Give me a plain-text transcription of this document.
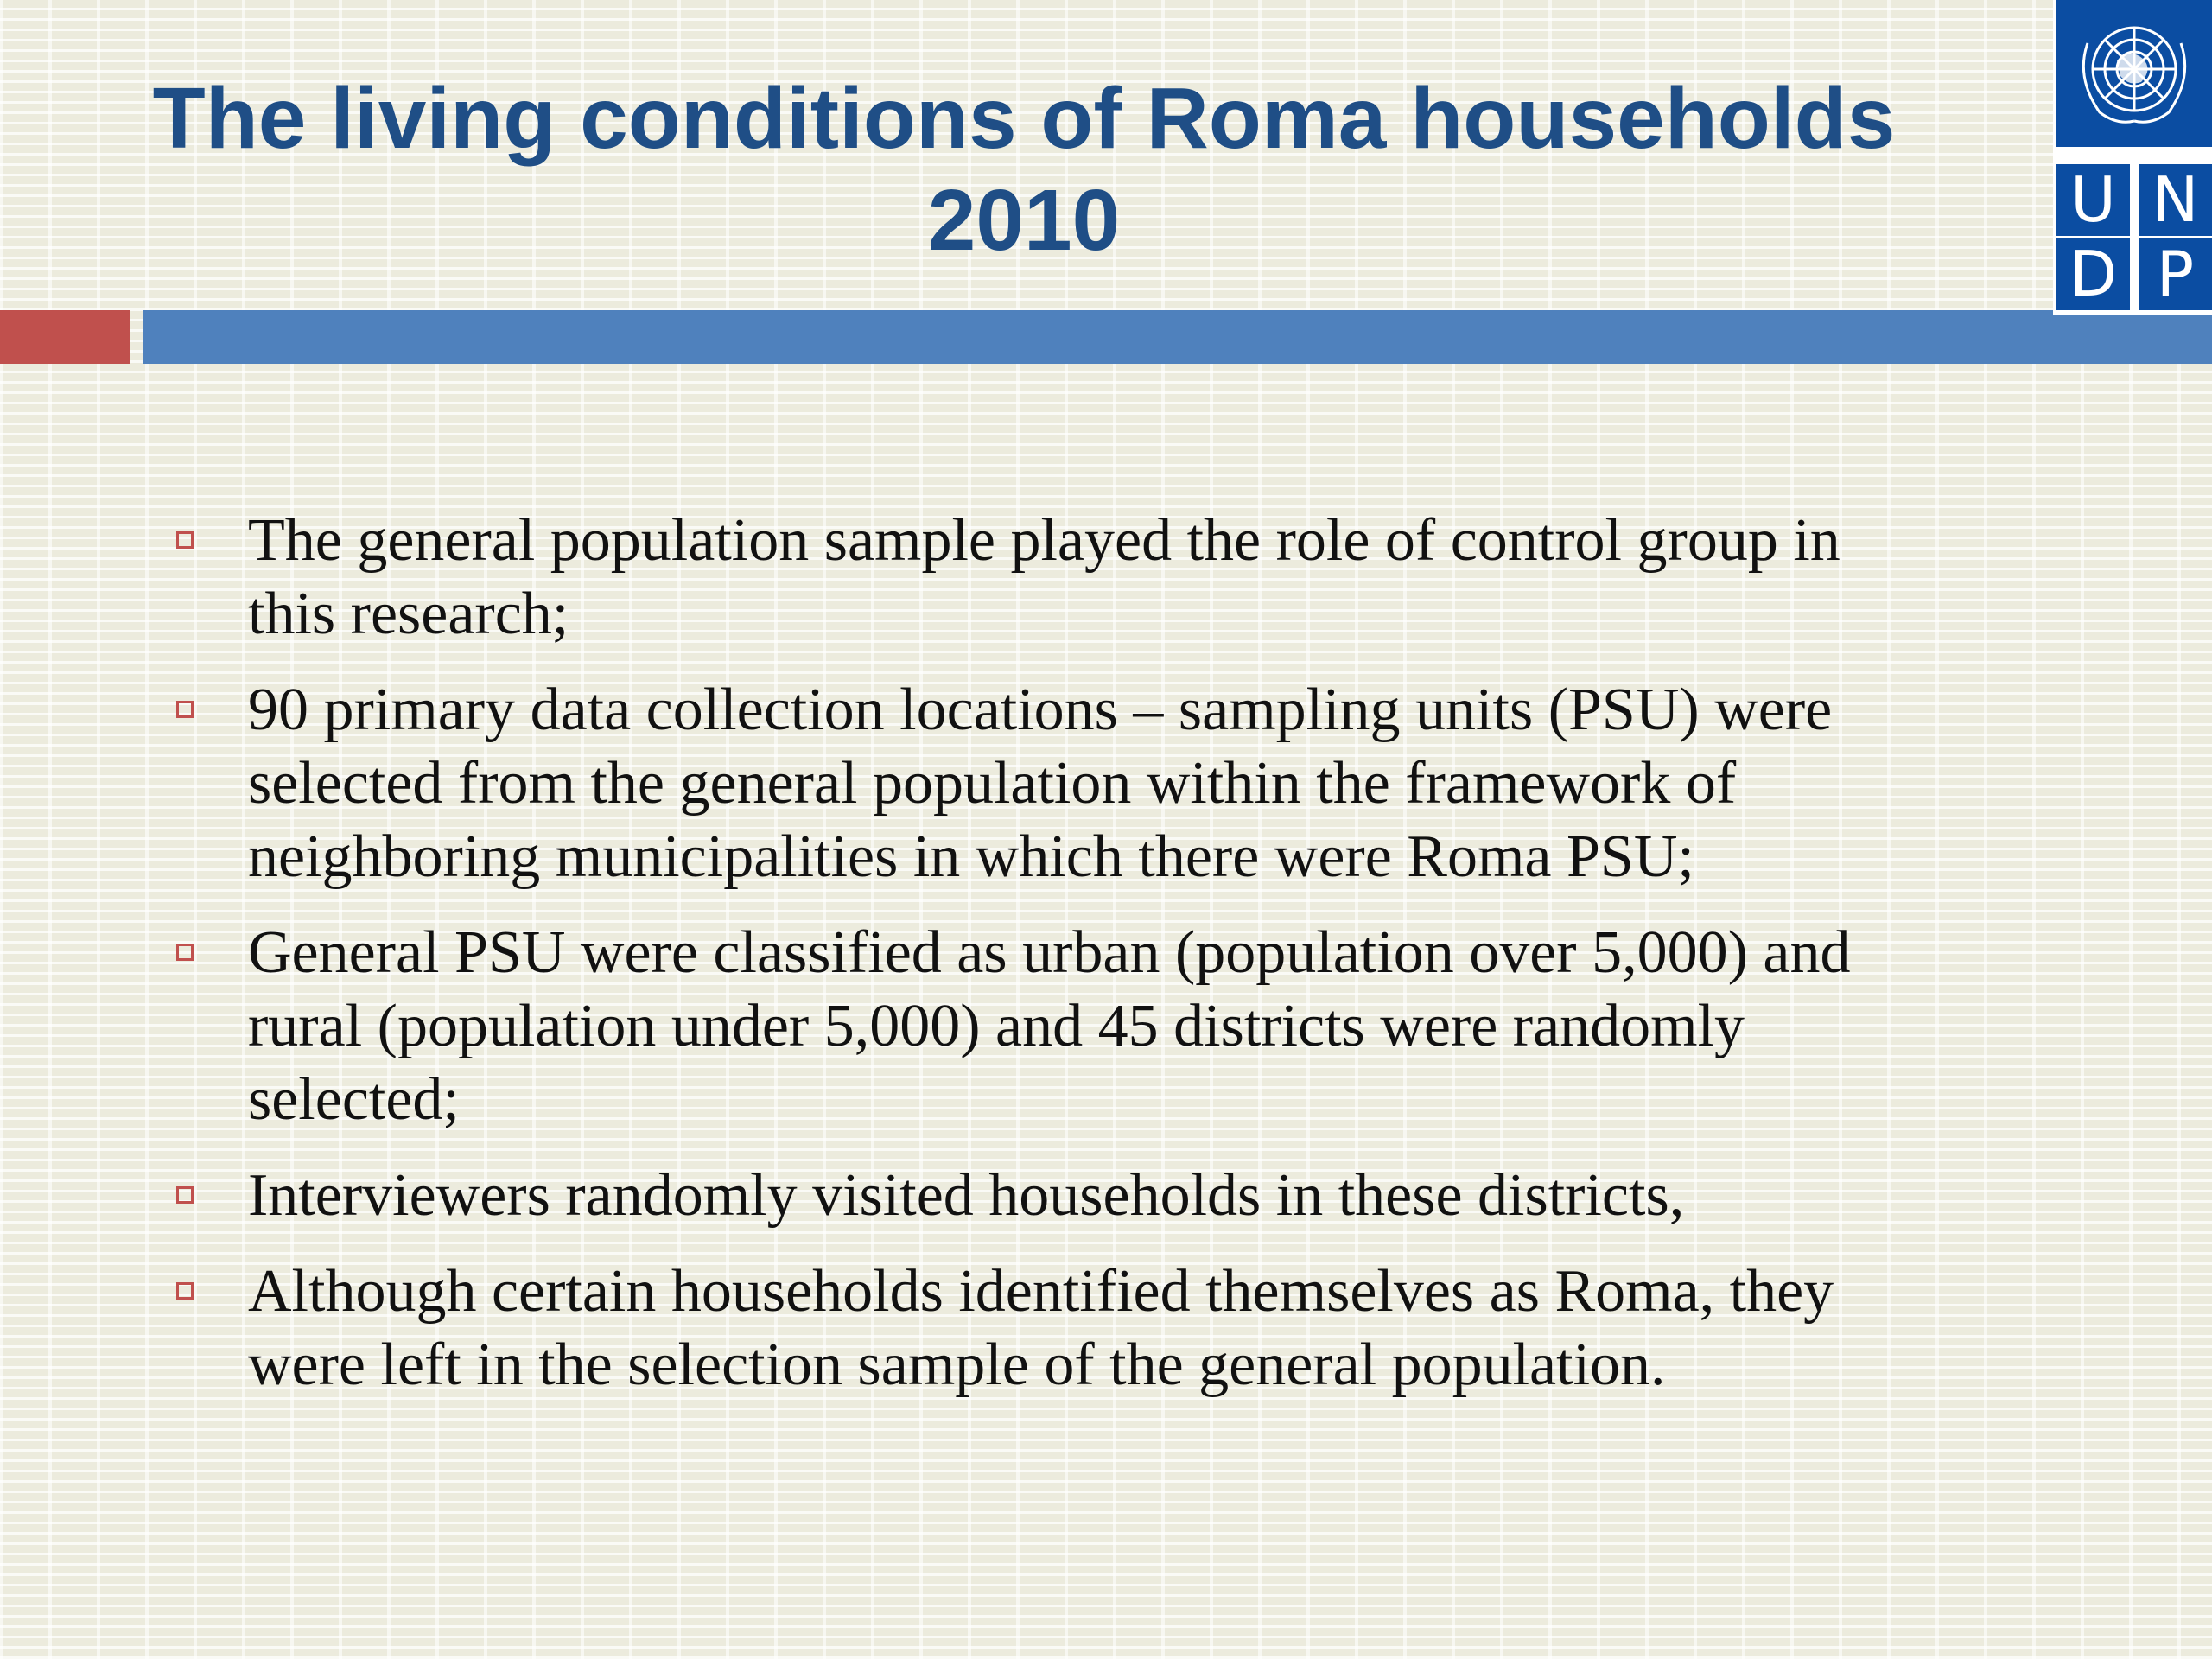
The living conditions of Roma households
2010	U N
D P
The general population sample played the role of control group in
this research;
90 primary data collection locations – sampling units (PSU) were
selected from the general population within the framework of
neighboring municipalities in which there were Roma PSU;
General PSU were classified as urban (population over 5,000) and
rural (population under 5,000) and 45 districts were randomly
selected;
Interviewers randomly visited households in these districts,
Although certain households identified themselves as Roma, they
were left in the selection sample of the general population.
